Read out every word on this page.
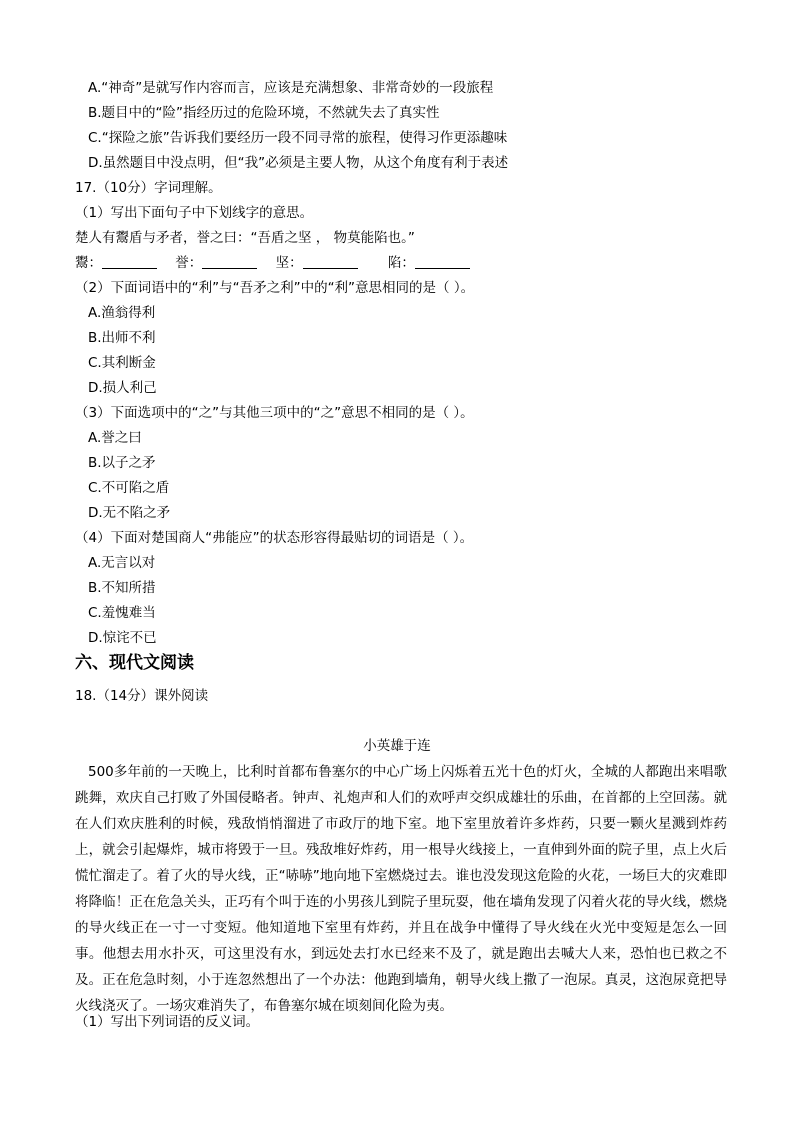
A.“神奇”是就写作内容而言，应该是充满想象、非常奇妙的一段旅程
B.题目中的“险”指经历过的危险环境，不然就失去了真实性
C.“探险之旅”告诉我们要经历一段不同寻常的旅程，使得习作更添趣味
D.虽然题目中没点明，但“我”必须是主要人物，从这个角度有利于表述
17.（10分）字词理解。
（1）写出下面句子中下划线字的意思。
楚人有鬻盾与矛者，誉之曰：“吾盾之坚 ， 物莫能陷也。”
鬻：	誉：	坚：	陷：
（2）下面词语中的“利”与“吾矛之利”中的“利”意思相同的是（ ）。
A.渔翁得利
B.出师不利
C.其利断金
D.损人利己
（3）下面选项中的“之”与其他三项中的“之”意思不相同的是（ ）。
A.誉之曰
B.以子之矛
C.不可陷之盾
D.无不陷之矛
（4）下面对楚国商人“弗能应”的状态形容得最贴切的词语是（ ）。
A.无言以对
B.不知所措
C.羞愧难当
D.惊诧不已
六、现代文阅读
18.（14分）课外阅读
小英雄于连
500多年前的一天晚上，比利时首都布鲁塞尔的中心广场上闪烁着五光十色的灯火，全城的人都跑出来唱歌跳舞，欢庆自己打败了外国侵略者。钟声、礼炮声和人们的欢呼声交织成雄壮的乐曲，在首都的上空回荡。就在人们欢庆胜利的时候，残敌悄悄溜进了市政厅的地下室。地下室里放着许多炸药，只要一颗火星溅到炸药上，就会引起爆炸，城市将毁于一旦。残敌堆好炸药，用一根导火线接上，一直伸到外面的院子里，点上火后慌忙溜走了。着了火的导火线，正“哧哧”地向地下室燃烧过去。谁也没发现这危险的火花，一场巨大的灾难即将降临！正在危急关头，正巧有个叫于连的小男孩儿到院子里玩耍，他在墙角发现了闪着火花的导火线，燃烧的导火线正在一寸一寸变短。他知道地下室里有炸药，并且在战争中懂得了导火线在火光中变短是怎么一回事。他想去用水扑灭，可这里没有水，到远处去打水已经来不及了，就是跑出去喊大人来，恐怕也已救之不及。正在危急时刻，小于连忽然想出了一个办法：他跑到墙角，朝导火线上撒了一泡尿。真灵，这泡尿竟把导火线浇灭了。一场灾难消失了，布鲁塞尔城在顷刻间化险为夷。
（1）写出下列词语的反义词。
